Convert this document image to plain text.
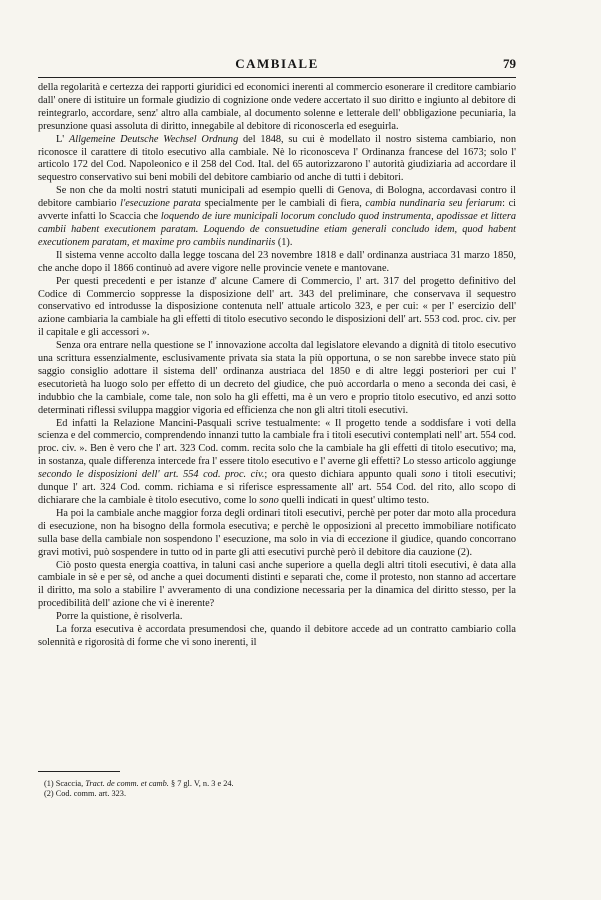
CAMBIALE	79

della regolarità e certezza dei rapporti giuridici ed economici inerenti al commercio esonerare il creditore cambiario dall' onere di istituire un formale giudizio di cognizione onde vedere accertato il suo diritto e ingiunto al debitore di reintegrarlo, accordare, senz' altro alla cambiale, al documento solenne e letterale dell' obbligazione pecuniaria, la presunzione quasi assoluta di diritto, innegabile al debitore di riconoscerla ed eseguirla.

L' Allgemeine Deutsche Wechsel Ordnung del 1848, su cui è modellato il nostro sistema cambiario, non riconosce il carattere di titolo esecutivo alla cambiale. Nè lo riconosceva l' Ordinanza francese del 1673; solo l' articolo 172 del Cod. Napoleonico e il 258 del Cod. Ital. del 65 autorizzarono l' autorità giudiziaria ad accordare il sequestro conservativo sui beni mobili del debitore cambiario od anche di tutti i debitori.

Se non che da molti nostri statuti municipali ad esempio quelli di Genova, di Bologna, accordavasi contro il debitore cambiario l'esecuzione parata specialmente per le cambiali di fiera, cambia nundinaria seu feriarum: ci avverte infatti lo Scaccia che loquendo de iure municipali locorum concludo quod instrumenta, apodissae et littera cambii habent executionem paratam. Loquendo de consuetudine etiam generali concludo idem, quod habent executionem paratam, et maxime pro cambiis nundinariis (1).

Il sistema venne accolto dalla legge toscana del 23 novembre 1818 e dall' ordinanza austriaca 31 marzo 1850, che anche dopo il 1866 continuò ad avere vigore nelle provincie venete e mantovane.

Per questi precedenti e per istanze d' alcune Camere di Commercio, l' art. 317 del progetto definitivo del Codice di Commercio soppresse la disposizione dell' art. 343 del preliminare, che conservava il sequestro conservativo ed introdusse la disposizione contenuta nell' attuale articolo 323, e per cui: « per l' esercizio dell' azione cambiaria la cambiale ha gli effetti di titolo esecutivo secondo le disposizioni dell' art. 553 cod. proc. civ. per il capitale e gli accessori ».

Senza ora entrare nella questione se l' innovazione accolta dal legislatore elevando a dignità di titolo esecutivo una scrittura essenzialmente, esclusivamente privata sia stata la più opportuna, o se non sarebbe invece stato più saggio consiglio adottare il sistema dell' ordinanza austriaca del 1850 e di altre leggi posteriori per cui l' esecutorietà ha luogo solo per effetto di un decreto del giudice, che può accordarla o meno a seconda dei casi, è indubbio che la cambiale, come tale, non solo ha gli effetti, ma è un vero e proprio titolo esecutivo, ed anzi sotto determinati riflessi sviluppa maggior vigoria ed efficienza che non gli altri titoli esecutivi.

Ed infatti la Relazione Mancini-Pasquali scrive testualmente: « Il progetto tende a soddisfare i voti della scienza e del commercio, comprendendo innanzi tutto la cambiale fra i titoli esecutivi contemplati nell' art. 554 cod. proc. civ. ». Ben è vero che l' art. 323 Cod. comm. recita solo che la cambiale ha gli effetti di titolo esecutivo; ma, in sostanza, quale differenza intercede fra l' essere titolo esecutivo e l' averne gli effetti? Lo stesso articolo aggiunge secondo le disposizioni dell' art. 554 cod. proc. civ.; ora questo dichiara appunto quali sono i titoli esecutivi; dunque l' art. 324 Cod. comm. richiama e si riferisce espressamente all' art. 554 Cod. del rito, allo scopo di dichiarare che la cambiale è titolo esecutivo, come lo sono quelli indicati in quest' ultimo testo.

Ha poi la cambiale anche maggior forza degli ordinari titoli esecutivi, perchè per poter dar moto alla procedura di esecuzione, non ha bisogno della formola esecutiva; e perchè le opposizioni al precetto immobiliare notificato sulla base della cambiale non sospendono l' esecuzione, ma solo in via di eccezione il giudice, quando concorrano gravi motivi, può sospendere in tutto od in parte gli atti esecutivi purchè però il debitore dia cauzione (2).

Ciò posto questa energia coattiva, in taluni casi anche superiore a quella degli altri titoli esecutivi, è data alla cambiale in sè e per sè, od anche a quei documenti distinti e separati che, come il protesto, non stanno ad accertare il diritto, ma solo a stabilire l' avveramento di una condizione necessaria per la dinamica del diritto stesso, per la procedibilità dell' azione che vi è inerente?

Porre la quistione, è risolverla.

La forza esecutiva è accordata presumendosi che, quando il debitore accede ad un contratto cambiario colla solennità e rigorosità di forme che vi sono inerenti, il

(1) Scaccia, Tract. de comm. et camb. § 7 gl. V, n. 3 e 24.
(2) Cod. comm. art. 323.
